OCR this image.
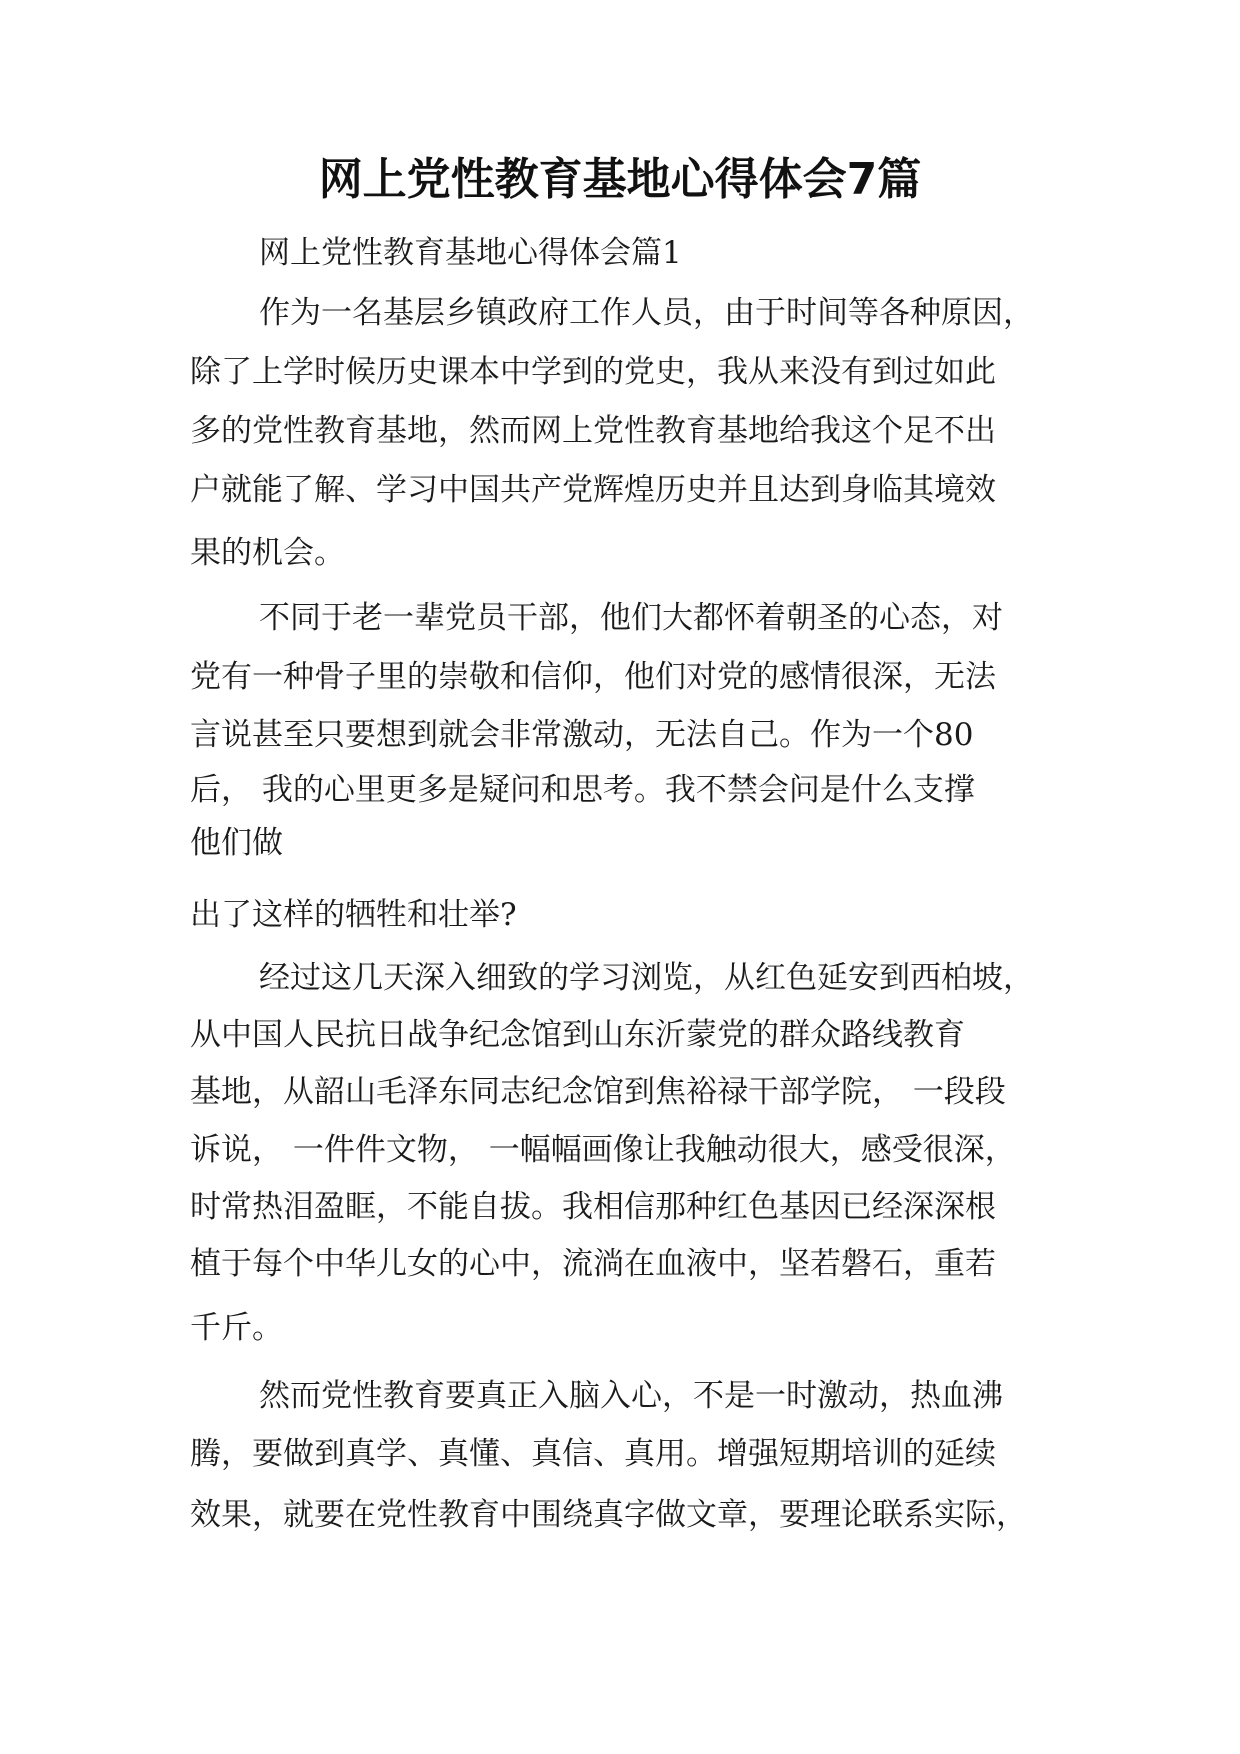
网上党性教育基地心得体会7篇

网上党性教育基地心得体会篇1

作为一名基层乡镇政府工作人员，由于时间等各种原因，

除了上学时候历史课本中学到的党史，我从来没有到过如此

多的党性教育基地，然而网上党性教育基地给我这个足不出

户就能了解、学习中国共产党辉煌历史并且达到身临其境效

果的机会。

不同于老一辈党员干部，他们大都怀着朝圣的心态，对

党有一种骨子里的崇敬和信仰，他们对党的感情很深，无法

言说甚至只要想到就会非常激动，无法自己。作为一个80

后， 我的心里更多是疑问和思考。我不禁会问是什么支撑

他们做

出了这样的牺牲和壮举?

经过这几天深入细致的学习浏览，从红色延安到西柏坡，

从中国人民抗日战争纪念馆到山东沂蒙党的群众路线教育

基地，从韶山毛泽东同志纪念馆到焦裕禄干部学院， 一段段

诉说， 一件件文物， 一幅幅画像让我触动很大，感受很深，

时常热泪盈眶，不能自拔。我相信那种红色基因已经深深根

植于每个中华儿女的心中，流淌在血液中，坚若磐石，重若

千斤。

然而党性教育要真正入脑入心，不是一时激动，热血沸

腾，要做到真学、真懂、真信、真用。增强短期培训的延续

效果，就要在党性教育中围绕真字做文章，要理论联系实际，
